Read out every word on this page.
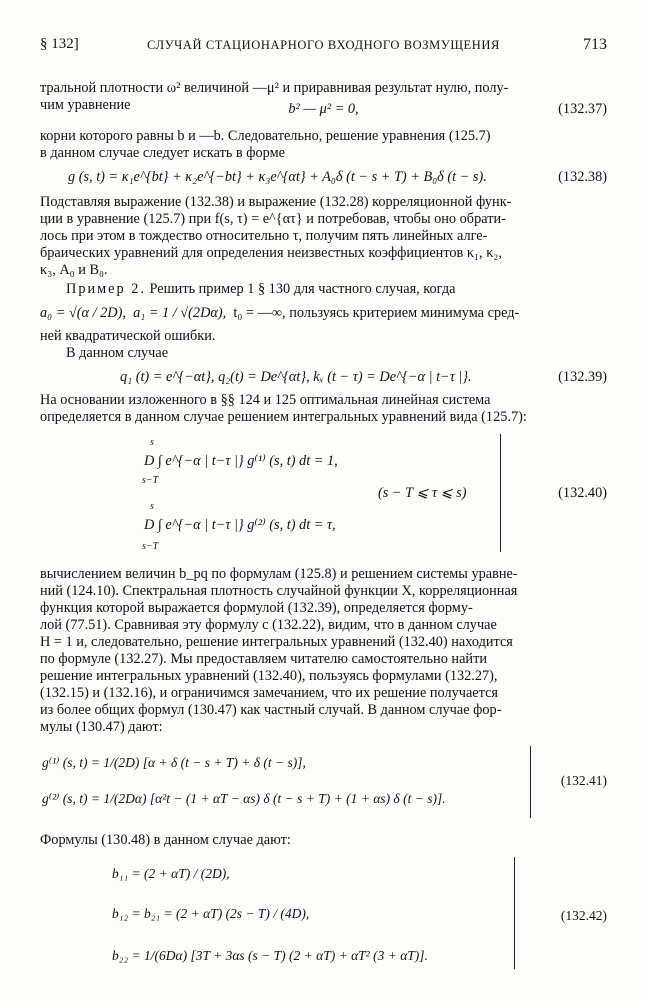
§ 132]	СЛУЧАЙ СТАЦИОНАРНОГО ВХОДНОГО ВОЗМУЩЕНИЯ	713

тральной плотности ω² величиной —μ² и приравнивая результат нулю, полу-

чим уравнение	b² — μ² = 0,	(132.37)

корни которого равны b и —b. Следовательно, решение уравнения (125.7)

в данном случае следует искать в форме

g (s, t) = κ₁e^{bt} + κ₂e^{−bt} + κ₃e^{αt} + A₀δ (t − s + T) + B₀δ (t − s).	(132.38)

Подставляя выражение (132.38) и выражение (132.28) корреляционной функ-

ции в уравнение (125.7) при f(s, τ) = e^{ατ} и потребовав, чтобы оно обрати-

лось при этом в тождество относительно τ, получим пять линейных алге-

браических уравнений для определения неизвестных коэффициентов κ₁, κ₂,

κ₃, A₀ и B₀.

Пример 2. Решить пример 1 § 130 для частного случая, когда

a₀ = √(α / 2D), a₁ = 1 / √(2Dα), t₀ = —∞, пользуясь критерием минимума сред-

ней квадратической ошибки.

В данном случае

q₁ (t) = e^{−αt}, q₂(t) = De^{αt}, kₓ (t − τ) = De^{−α | t−τ |}.	(132.39)

На основании изложенного в §§ 124 и 125 оптимальная линейная система

определяется в данном случае решением интегральных уравнений вида (125.7):

s
s−T
D ∫ e^{−α | t−τ |} g⁽¹⁾ (s, t) dt = 1,
s
s−T
D ∫ e^{−α | t−τ |} g⁽²⁾ (s, t) dt = τ,
(s − T ⩽ τ ⩽ s)	(132.40)

вычислением величин b_pq по формулам (125.8) и решением системы уравне-

ний (124.10). Спектральная плотность случайной функции X, корреляционная

функция которой выражается формулой (132.39), определяется форму-

лой (77.51). Сравнивая эту формулу с (132.22), видим, что в данном случае

H = 1 и, следовательно, решение интегральных уравнений (132.40) находится

по формуле (132.27). Мы предоставляем читателю самостоятельно найти

решение интегральных уравнений (132.40), пользуясь формулами (132.27),

(132.15) и (132.16), и ограничимся замечанием, что их решение получается

из более общих формул (130.47) как частный случай. В данном случае фор-

мулы (130.47) дают:

g⁽¹⁾ (s, t) = 1/(2D) [α + δ (t − s + T) + δ (t − s)],
g⁽²⁾ (s, t) = 1/(2Dα) [α²t − (1 + αT − αs) δ (t − s + T) + (1 + αs) δ (t − s)].
(132.41)

Формулы (130.48) в данном случае дают:

b₁₁ = (2 + αT) / (2D),
b₁₂ = b₂₁ = (2 + αT) (2s − T) / (4D),
b₂₂ = 1/(6Dα) [3T + 3αs (s − T) (2 + αT) + αT² (3 + αT)].
(132.42)
